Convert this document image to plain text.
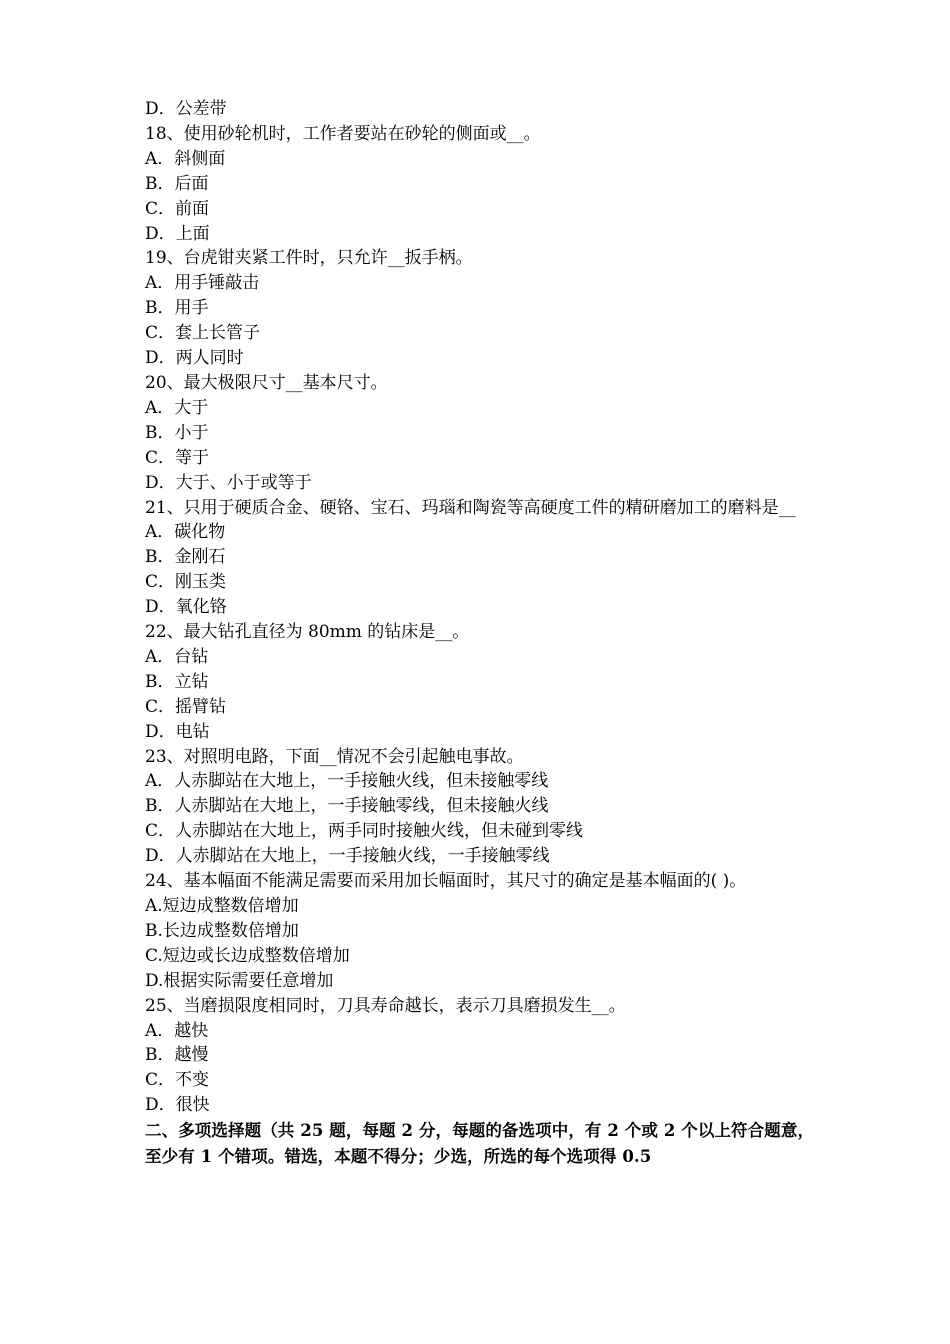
D．公差带
18、使用砂轮机时，工作者要站在砂轮的侧面或__。
A．斜侧面
B．后面
C．前面
D．上面
19、台虎钳夹紧工件时，只允许__扳手柄。
A．用手锤敲击
B．用手
C．套上长管子
D．两人同时
20、最大极限尺寸__基本尺寸。
A．大于
B．小于
C．等于
D．大于、小于或等于
21、只用于硬质合金、硬铬、宝石、玛瑙和陶瓷等高硬度工件的精研磨加工的磨料是__
A．碳化物
B．金刚石
C．刚玉类
D．氧化铬
22、最大钻孔直径为 80mm 的钻床是__。
A．台钻
B．立钻
C．摇臂钻
D．电钻
23、对照明电路，下面__情况不会引起触电事故。
A．人赤脚站在大地上，一手接触火线，但未接触零线
B．人赤脚站在大地上，一手接触零线，但未接触火线
C．人赤脚站在大地上，两手同时接触火线，但未碰到零线
D．人赤脚站在大地上，一手接触火线，一手接触零线
24、基本幅面不能满足需要而采用加长幅面时，其尺寸的确定是基本幅面的( )。
A.短边成整数倍增加
B.长边成整数倍增加
C.短边或长边成整数倍增加
D.根据实际需要任意增加
25、当磨损限度相同时，刀具寿命越长，表示刀具磨损发生__。
A．越快
B．越慢
C．不变
D．很快
二、多项选择题（共 25 题，每题 2 分，每题的备选项中，有 2 个或 2 个以上符合题意，至少有 1 个错项。错选，本题不得分；少选，所选的每个选项得 0.5
